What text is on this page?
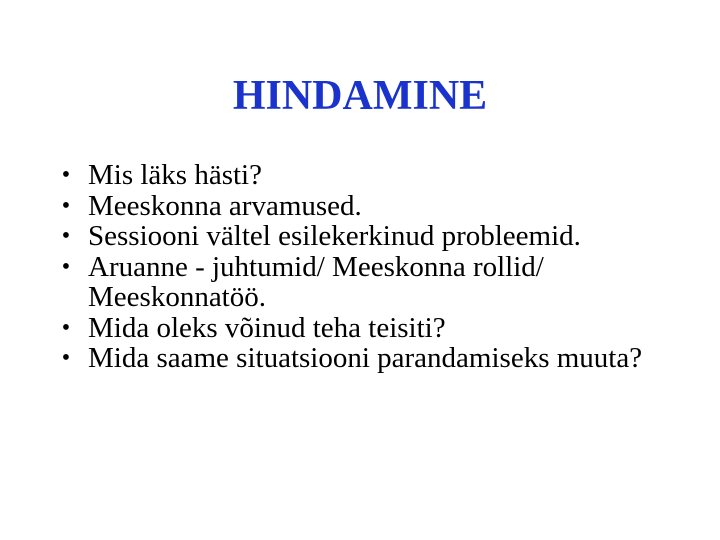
HINDAMINE
• Mis läks hästi?
• Meeskonna arvamused.
• Sessiooni vältel esilekerkinud probleemid.
• Aruanne - juhtumid/ Meeskonna rollid/ Meeskonnatöö.
• Mida oleks võinud teha teisiti?
• Mida saame situatsiooni parandamiseks muuta?
